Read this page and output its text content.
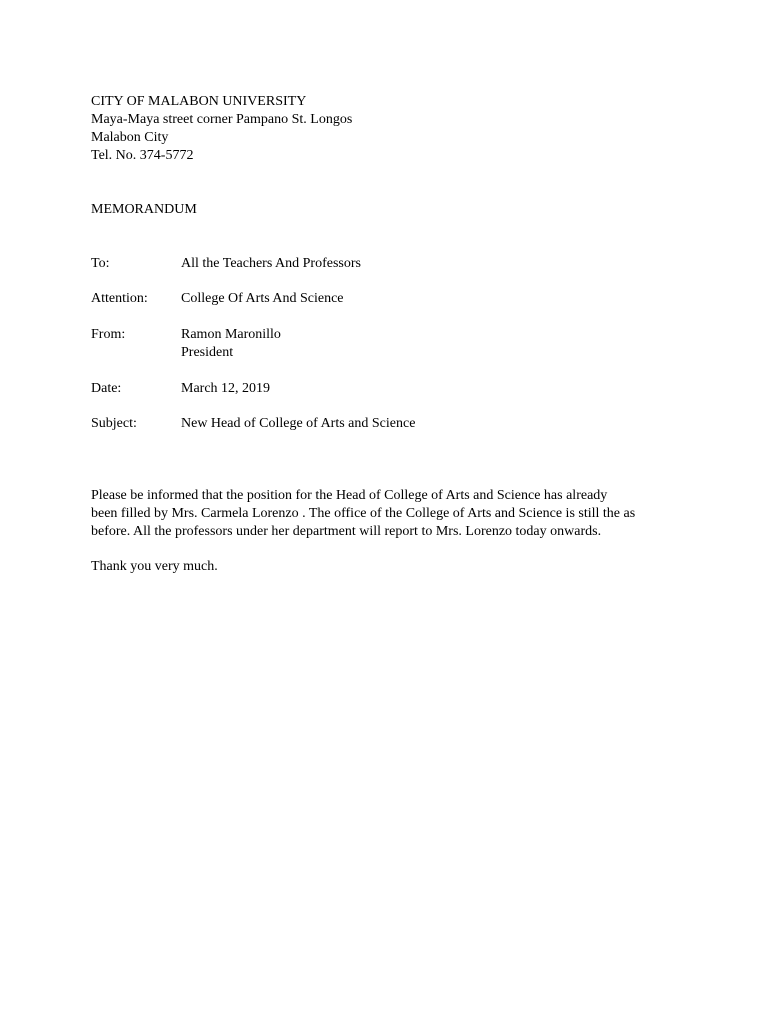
CITY OF MALABON UNIVERSITY
Maya-Maya street corner Pampano St. Longos
Malabon City
Tel. No. 374-5772
MEMORANDUM
To:	All the Teachers And Professors
Attention: College Of Arts And Science
From:	Ramon Maronillo
President
Date:	March 12, 2019
Subject:	New Head of College of Arts and Science
Please be informed that the position for the Head of College of Arts and Science has already
been filled by Mrs. Carmela Lorenzo . The office of the College of Arts and Science is still the as
before. All the professors under her department will report to Mrs. Lorenzo today onwards.
Thank you very much.
